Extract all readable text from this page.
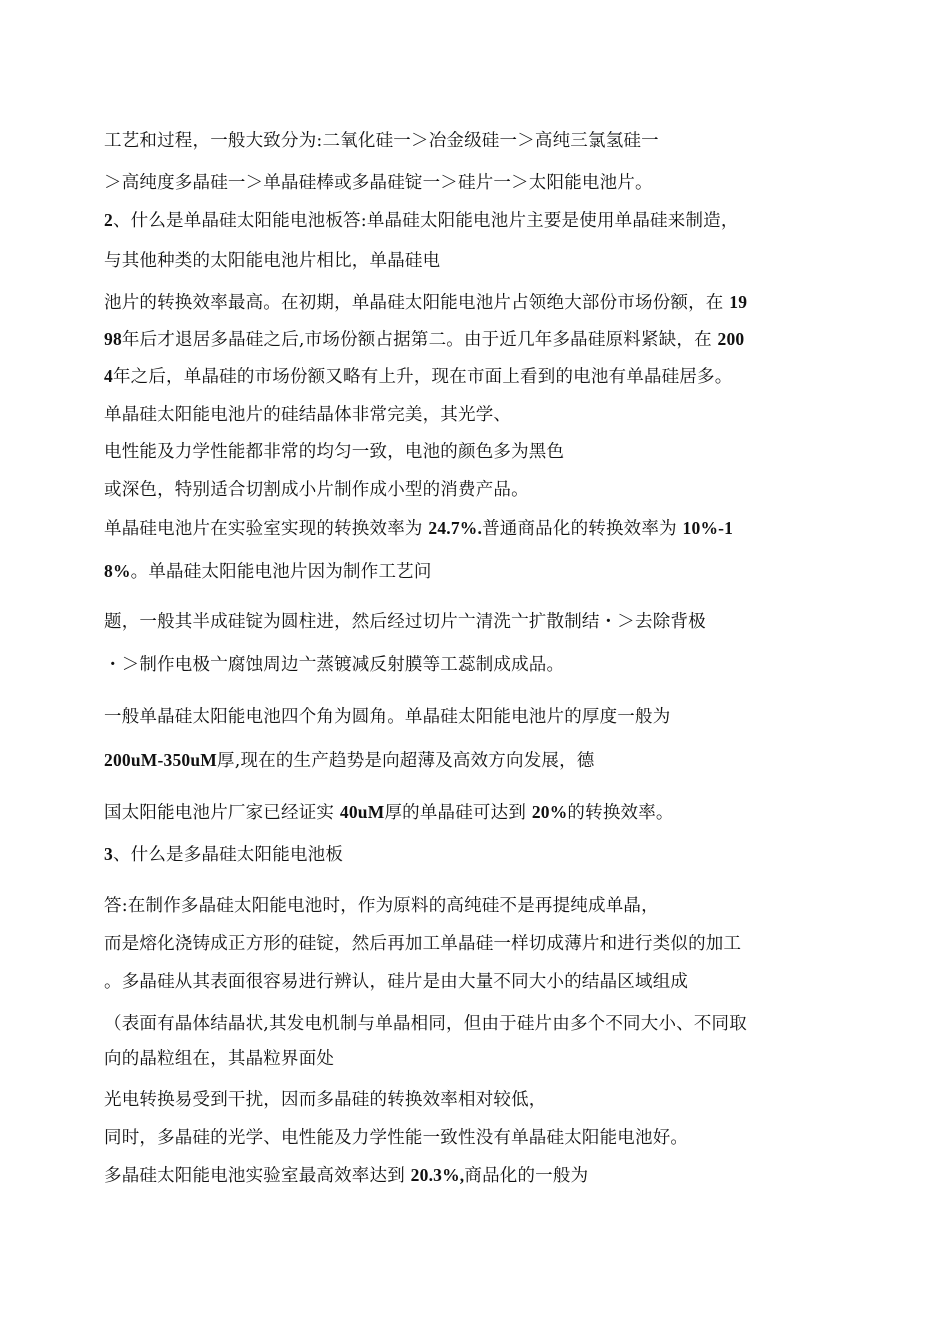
工艺和过程，一般大致分为:二氧化硅一＞冶金级硅一＞高纯三氯氢硅一
＞高纯度多晶硅一＞单晶硅棒或多晶硅锭一＞硅片一＞太阳能电池片。
2、什么是单晶硅太阳能电池板答:单晶硅太阳能电池片主要是使用单晶硅来制造，
与其他种类的太阳能电池片相比，单晶硅电
池片的转换效率最高。在初期，单晶硅太阳能电池片占领绝大部份市场份额，在 19
98年后才退居多晶硅之后,市场份额占据第二。由于近几年多晶硅原料紧缺，在 200
4年之后，单晶硅的市场份额又略有上升，现在市面上看到的电池有单晶硅居多。
单晶硅太阳能电池片的硅结晶体非常完美，其光学、
电性能及力学性能都非常的均匀一致，电池的颜色多为黑色
或深色，特别适合切割成小片制作成小型的消费产品。
单晶硅电池片在实验室实现的转换效率为 24.7%.普通商品化的转换效率为 10%-1
8%。单晶硅太阳能电池片因为制作工艺问
题，一般其半成硅锭为圆柱进，然后经过切片亠清洗亠扩散制结・＞去除背极
・＞制作电极亠腐蚀周边亠蒸镀减反射膜等工蕊制成成品。
一般单晶硅太阳能电池四个角为圆角。单晶硅太阳能电池片的厚度一般为
200uM-350uM厚,现在的生产趋势是向超薄及高效方向发展，德
国太阳能电池片厂家已经证实 40uM厚的单晶硅可达到 20%的转换效率。
3、什么是多晶硅太阳能电池板
答:在制作多晶硅太阳能电池时，作为原料的高纯硅不是再提纯成单晶，
而是熔化浇铸成正方形的硅锭，然后再加工单晶硅一样切成薄片和进行类似的加工
。多晶硅从其表面很容易进行辨认，硅片是由大量不同大小的结晶区域组成
（表面有晶体结晶状,其发电机制与单晶相同，但由于硅片由多个不同大小、不同取
向的晶粒组在，其晶粒界面处
光电转换易受到干扰，因而多晶硅的转换效率相对较低，
同时，多晶硅的光学、电性能及力学性能一致性没有单晶硅太阳能电池好。
多晶硅太阳能电池实验室最高效率达到 20.3%,商品化的一般为
